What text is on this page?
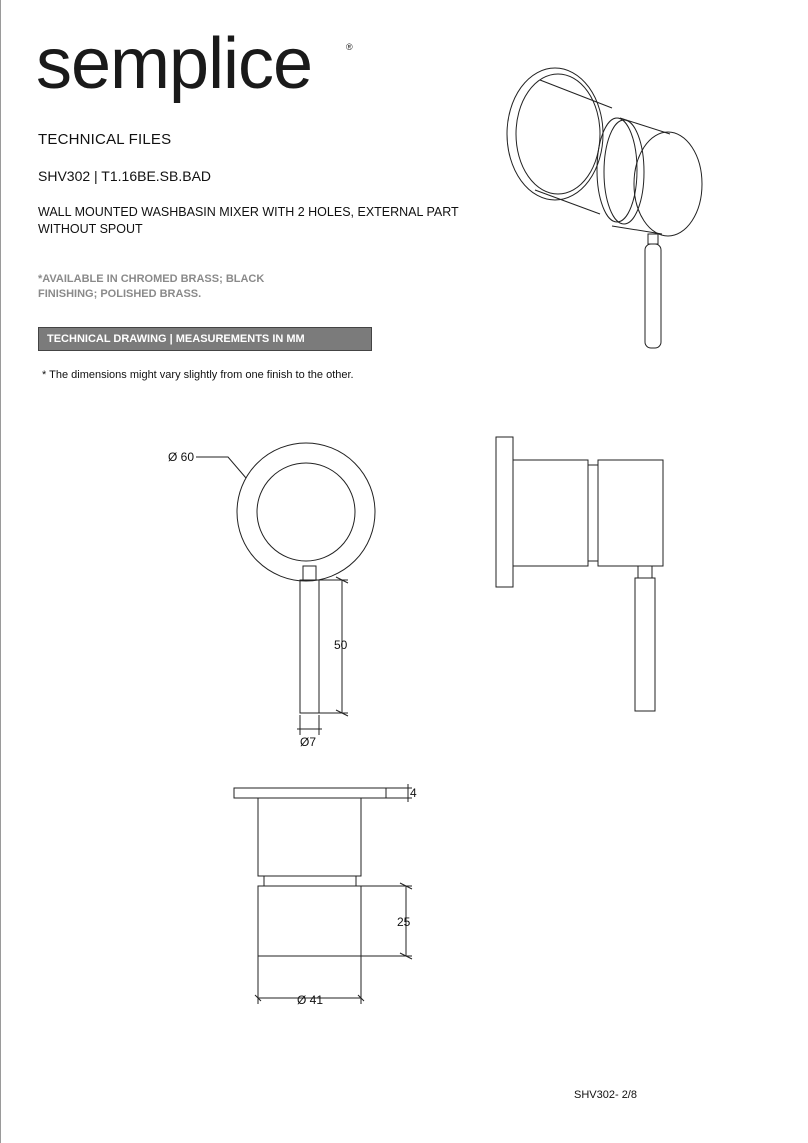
semplice	®
TECHNICAL FILES
SHV302 | T1.16BE.SB.BAD
WALL MOUNTED WASHBASIN MIXER WITH 2 HOLES, EXTERNAL PART WITHOUT SPOUT
*AVAILABLE IN CHROMED BRASS; BLACK FINISHING; POLISHED BRASS.
TECHNICAL DRAWING | MEASUREMENTS IN MM
* The dimensions might vary slightly from one finish to the other.
Ø 60
50
Ø7
4
25
Ø 41
SHV302- 2/8
